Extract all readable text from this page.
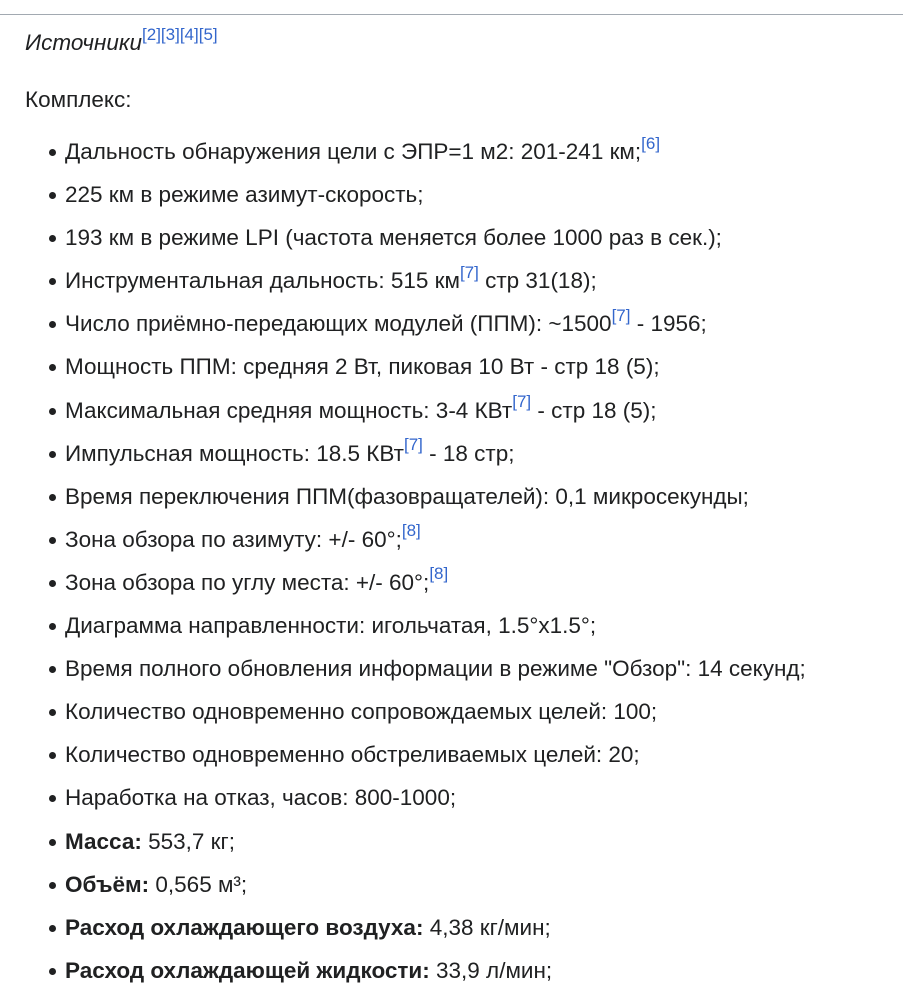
Источники[2][3][4][5]
Комплекс:
Дальность обнаружения цели с ЭПР=1 м2: 201-241 км;[6]
225 км в режиме азимут-скорость;
193 км в режиме LPI (частота меняется более 1000 раз в сек.);
Инструментальная дальность: 515 км[7] стр 31(18);
Число приёмно-передающих модулей (ППМ): ~1500[7] - 1956;
Мощность ППМ: средняя 2 Вт, пиковая 10 Вт - стр 18 (5);
Максимальная средняя мощность: 3-4 КВт[7] - стр 18 (5);
Импульсная мощность: 18.5 КВт[7] - 18 стр;
Время переключения ППМ(фазовращателей): 0,1 микросекунды;
Зона обзора по азимуту: +/- 60°;[8]
Зона обзора по углу места: +/- 60°;[8]
Диаграмма направленности: игольчатая, 1.5°x1.5°;
Время полного обновления информации в режиме "Обзор": 14 секунд;
Количество одновременно сопровождаемых целей: 100;
Количество одновременно обстреливаемых целей: 20;
Наработка на отказ, часов: 800-1000;
Масса: 553,7 кг;
Объём: 0,565 м³;
Расход охлаждающего воздуха: 4,38 кг/мин;
Расход охлаждающей жидкости: 33,9 л/мин;
